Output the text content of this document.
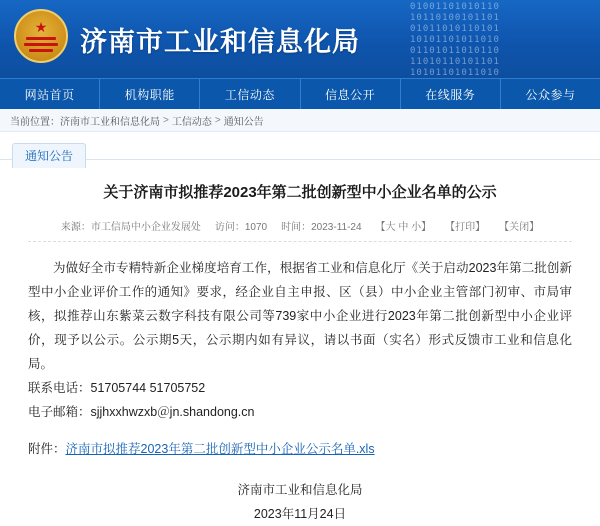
01001101010110
10110100101101
01011010110101
10101101011010
01101011010110
11010110101101
10101101011010
★ 济南市工业和信息化局
网站首页	机构职能	工信动态	信息公开	在线服务	公众参与
当前位置： 济南市工业和信息化局 > 工信动态 > 通知公告
通知公告
关于济南市拟推荐2023年第二批创新型中小企业名单的公示
来源：市工信局中小企业发展处 访问：1070 时间：2023-11-24 【大 中 小】 【打印】 【关闭】

为做好全市专精特新企业梯度培育工作，根据省工业和信息化厅《关于启动2023年第二批创新型中小企业评价工作的通知》要求，经企业自主申报、区（县）中小企业主管部门初审、市局审核，拟推荐山东紫菜云数字科技有限公司等739家中小企业进行2023年第二批创新型中小企业评价，现予以公示。公示期5天，公示期内如有异议，请以书面（实名）形式反馈市工业和信息化局。

联系电话：51705744 51705752

电子邮箱：sjjhxxhwzxb＠jn.shandong.cn

附件：济南市拟推荐2023年第二批创新型中小企业公示名单.xls
济南市工业和信息化局
2023年11月24日
